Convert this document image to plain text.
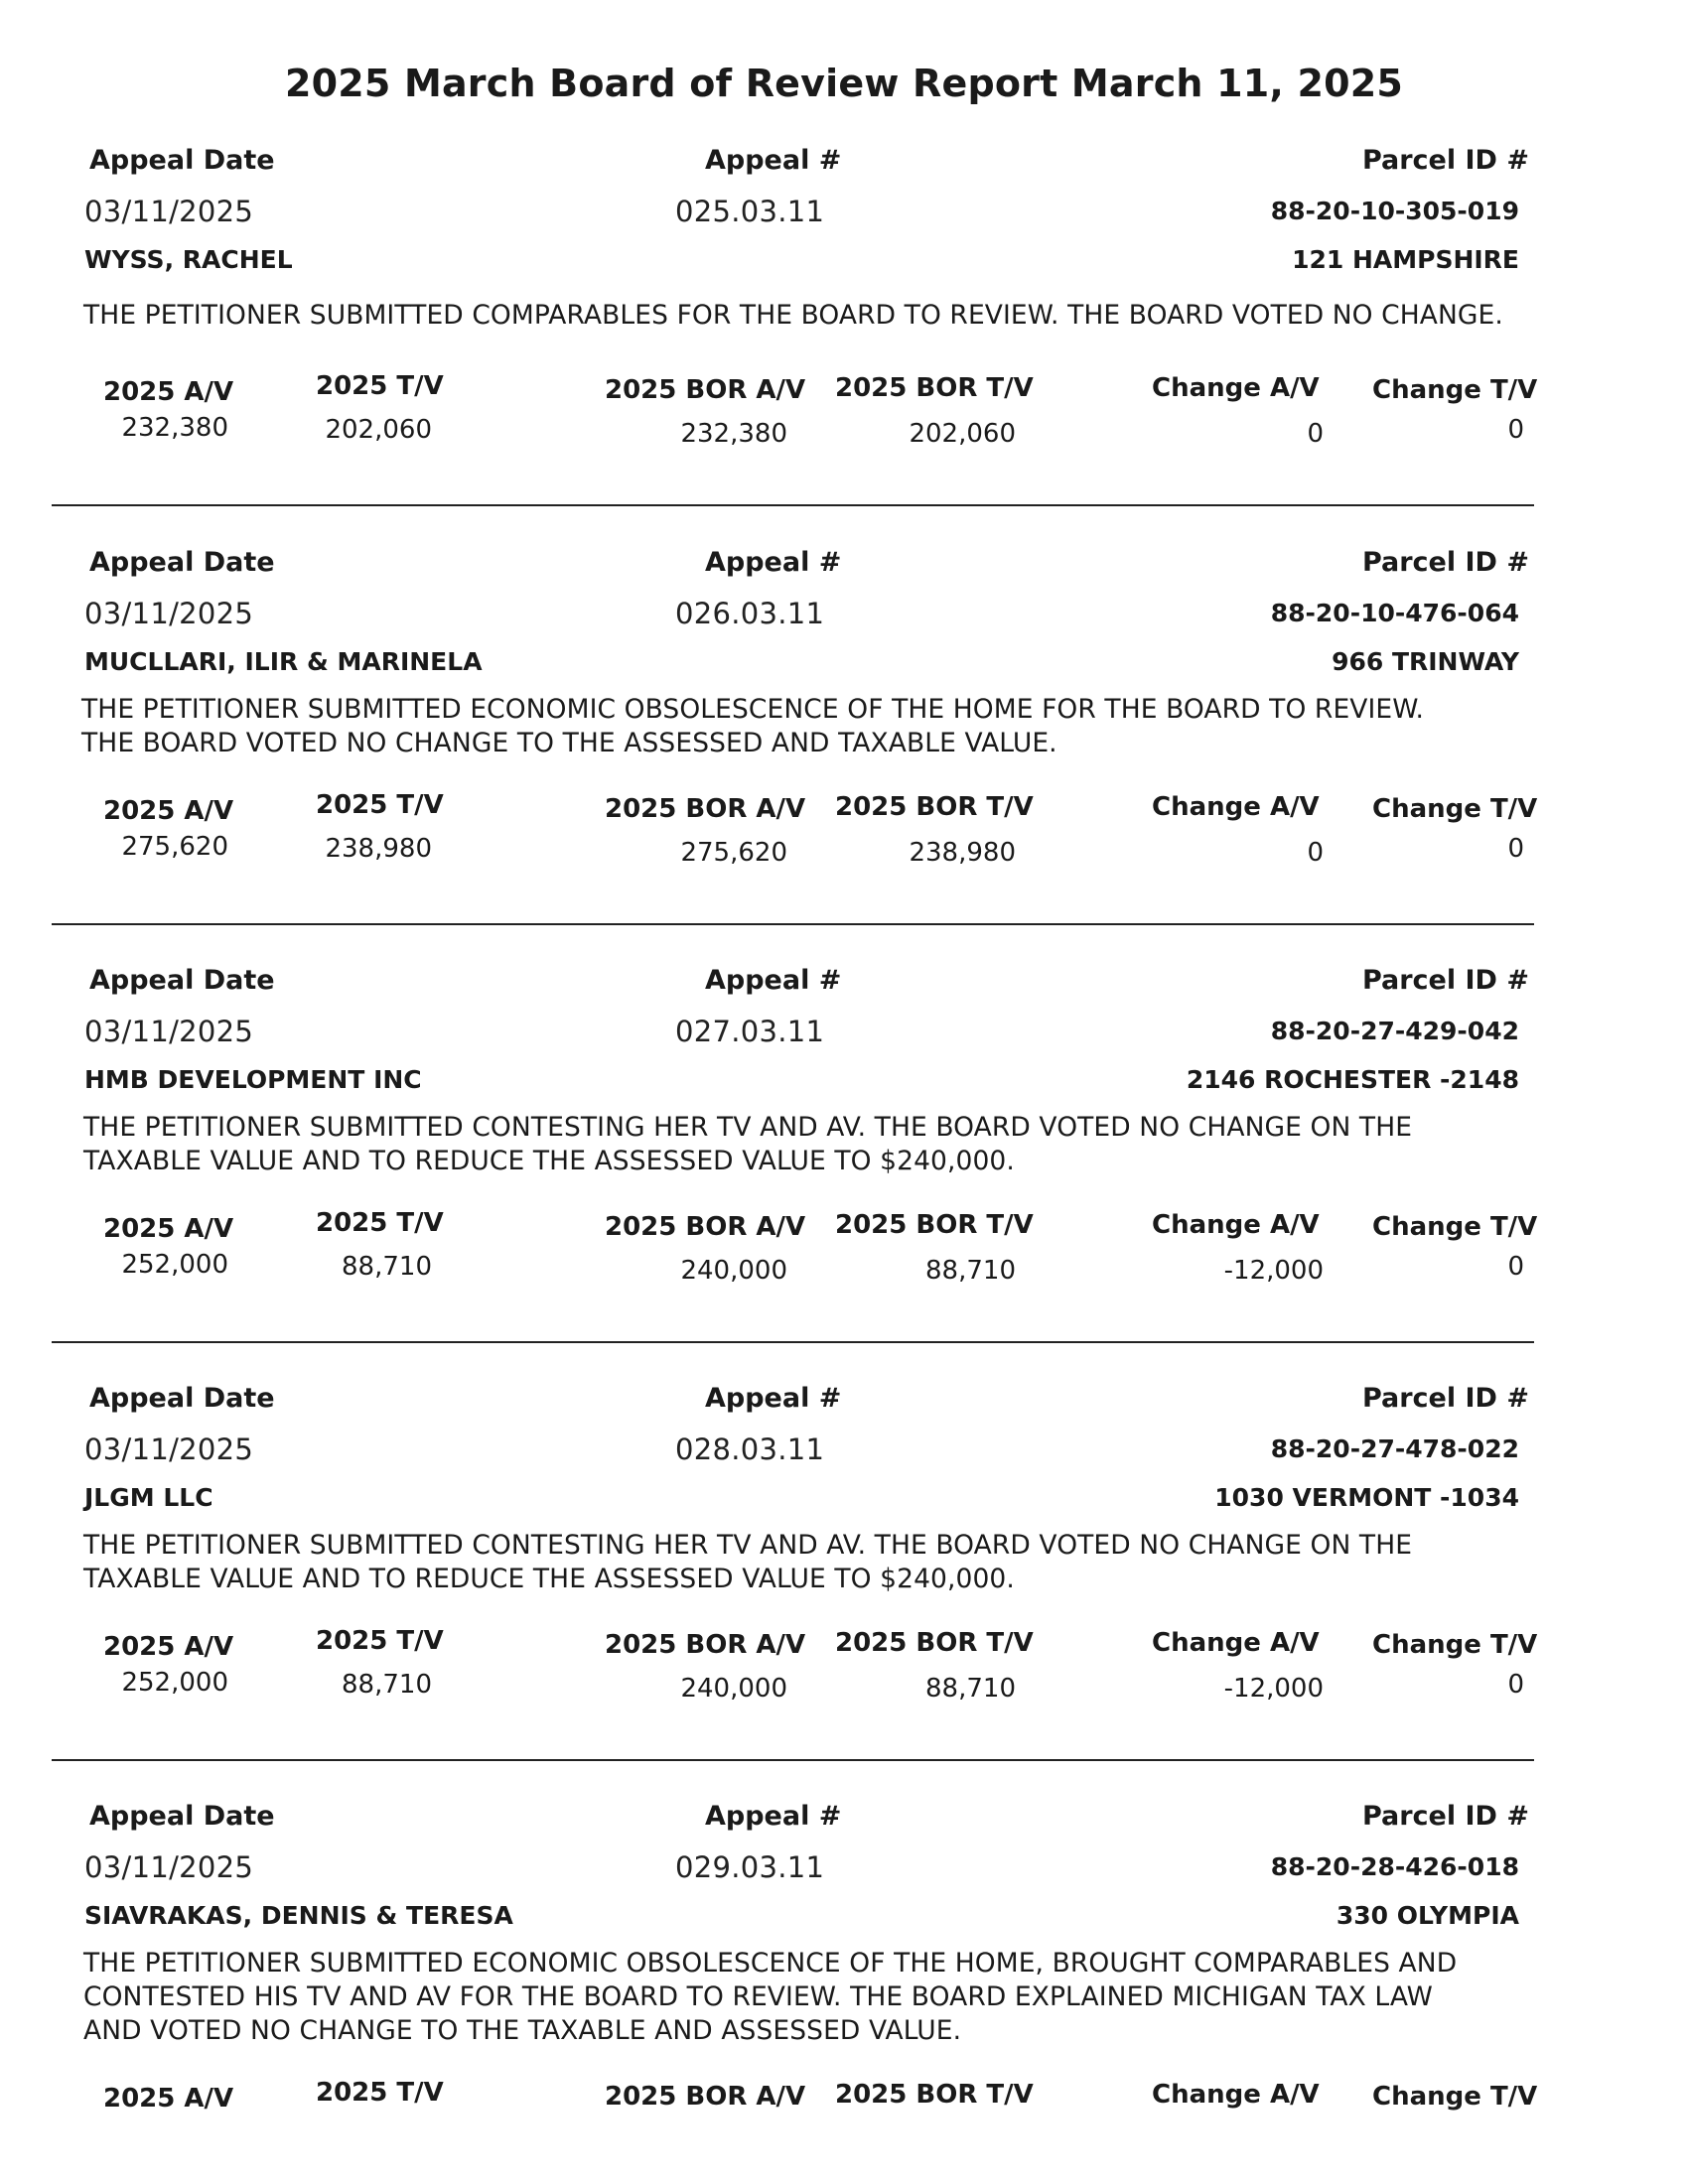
2025 March Board of Review Report March 11, 2025
Appeal Date	Appeal #	Parcel ID #
03/11/2025	025.03.11	88-20-10-305-019
WYSS, RACHEL	121 HAMPSHIRE
THE PETITIONER SUBMITTED COMPARABLES FOR THE BOARD TO REVIEW. THE BOARD VOTED NO CHANGE.
2025 A/V	2025 T/V	2025 BOR A/V 2025 BOR T/V	Change A/V Change T/V
232,380	202,060	232,380	202,060	0	0
Appeal Date	Appeal #	Parcel ID #
03/11/2025	026.03.11	88-20-10-476-064
MUCLLARI, ILIR & MARINELA	966 TRINWAY
THE PETITIONER SUBMITTED ECONOMIC OBSOLESCENCE OF THE HOME FOR THE BOARD TO REVIEW. THE BOARD VOTED NO CHANGE TO THE ASSESSED AND TAXABLE VALUE.
2025 A/V	2025 T/V	2025 BOR A/V 2025 BOR T/V	Change A/V Change T/V
275,620	238,980	275,620	238,980	0	0
Appeal Date	Appeal #	Parcel ID #
03/11/2025	027.03.11	88-20-27-429-042
HMB DEVELOPMENT INC	2146 ROCHESTER -2148
THE PETITIONER SUBMITTED CONTESTING HER TV AND AV. THE BOARD VOTED NO CHANGE ON THE TAXABLE VALUE AND TO REDUCE THE ASSESSED VALUE TO $240,000.
2025 A/V	2025 T/V	2025 BOR A/V 2025 BOR T/V	Change A/V Change T/V
252,000	88,710	240,000	88,710	-12,000	0
Appeal Date	Appeal #	Parcel ID #
03/11/2025	028.03.11	88-20-27-478-022
JLGM LLC	1030 VERMONT -1034
THE PETITIONER SUBMITTED CONTESTING HER TV AND AV. THE BOARD VOTED NO CHANGE ON THE TAXABLE VALUE AND TO REDUCE THE ASSESSED VALUE TO $240,000.
2025 A/V	2025 T/V	2025 BOR A/V 2025 BOR T/V	Change A/V Change T/V
252,000	88,710	240,000	88,710	-12,000	0
Appeal Date	Appeal #	Parcel ID #
03/11/2025	029.03.11	88-20-28-426-018
SIAVRAKAS, DENNIS & TERESA	330 OLYMPIA
THE PETITIONER SUBMITTED ECONOMIC OBSOLESCENCE OF THE HOME, BROUGHT COMPARABLES AND CONTESTED HIS TV AND AV FOR THE BOARD TO REVIEW. THE BOARD EXPLAINED MICHIGAN TAX LAW AND VOTED NO CHANGE TO THE TAXABLE AND ASSESSED VALUE.
2025 A/V	2025 T/V	2025 BOR A/V 2025 BOR T/V	Change A/V Change T/V
